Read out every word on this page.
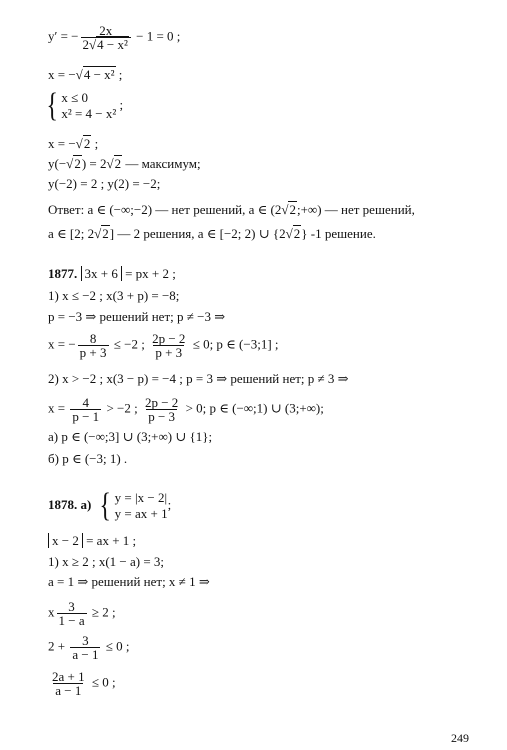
y′ = − $\frac{2x}{\text{2√4 − x²}} - 1 = 0$ ;
x = −√4 − x² ;
{ x ≤ 0
x² = 4 − x²
;
x = −√2 ;
y(−√2) = 2√2 — максимум;
y(−2) = 2 ; y(2) = −2;
Ответ: a ∈ (−∞;−2) — нет решений, a ∈ (2√2;+∞) — нет решений,
a ∈ [2; 2√2] — 2 решения, a ∈ [−2; 2) ∪ {2√2} -1 решение.
1877. 3x + 6 = px + 2 ;
1) x ≤ −2 ; x(3 + p) = −8;
p = −3 ⇒ решений нет; p ≠ −3 ⇒
x = − $\frac{8}{p + 3} \le -2$ ; $\frac{2p - 2}{p + 3} \le 0$; p ∈ (−3;1] ;
2) x > −2 ; x(3 − p) = −4 ; p = 3 ⇒ решений нет; p ≠ 3 ⇒
$x = \frac{4}{p - 1} > -2$ ; $\frac{2p - 2}{p - 3} > 0$; p ∈ (−∞;1) ∪ (3;+∞);
а) p ∈ (−∞;3] ∪ (3;+∞) ∪ {1};
б) p ∈ (−3; 1) .
1878. а) { y = |x − 2|
y = ax + 1
;
x − 2 = ax + 1 ;
1) x ≥ 2 ; x(1 − a) = 3;
a = 1 ⇒ решений нет; x ≠ 1 ⇒
x $\frac{3}{1 - a} \ge 2$ ;
$2 + \frac{3}{a - 1} \le 0$ ;
$\frac{2a + 1}{a - 1} \le 0$ ;
249
